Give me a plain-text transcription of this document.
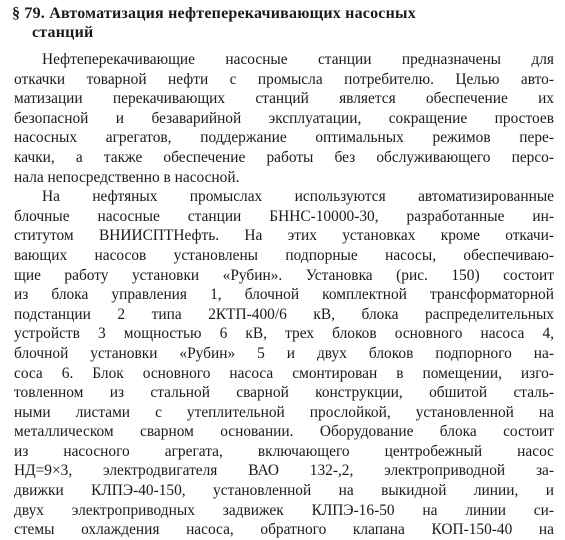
§ 79. Автоматизация нефтеперекачивающих насосных
станций
Нефтеперекачивающие насосные станции предназначены для
откачки товарной нефти с промысла потребителю. Целью авто-
матизации перекачивающих станций является обеспечение их
безопасной и безаварийной эксплуатации, сокращение простоев
насосных агрегатов, поддержание оптимальных режимов пере-
качки, а также обеспечение работы без обслуживающего персо-
нала непосредственно в насосной.
На нефтяных промыслах используются автоматизированные
блочные насосные станции БННС-10000-30, разработанные ин-
ститутом ВНИИСПТНефть. На этих установках кроме откачи-
вающих насосов установлены подпорные насосы, обеспечиваю-
щие работу установки «Рубин». Установка (рис. 150) состоит
из блока управления 1, блочной комплектной трансформаторной
подстанции 2 типа 2КТП-400/6 кВ, блока распределительных
устройств 3 мощностью 6 кВ, трех блоков основного насоса 4,
блочной установки «Рубин» 5 и двух блоков подпорного на-
соса 6. Блок основного насоса смонтирован в помещении, изго-
товленном из стальной сварной конструкции, обшитой сталь-
ными листами с утеплительной прослойкой, установленной на
металлическом сварном основании. Оборудование блока состоит
из насосного агрегата, включающего центробежный насос
НД=9×3, электродвигателя ВАО 132-,2, электроприводной за-
движки КЛПЭ-40-150, установленной на выкидной линии, и
двух электроприводных задвижек КЛПЭ-16-50 на линии си-
стемы охлаждения насоса, обратного клапана КОП-150-40 на
